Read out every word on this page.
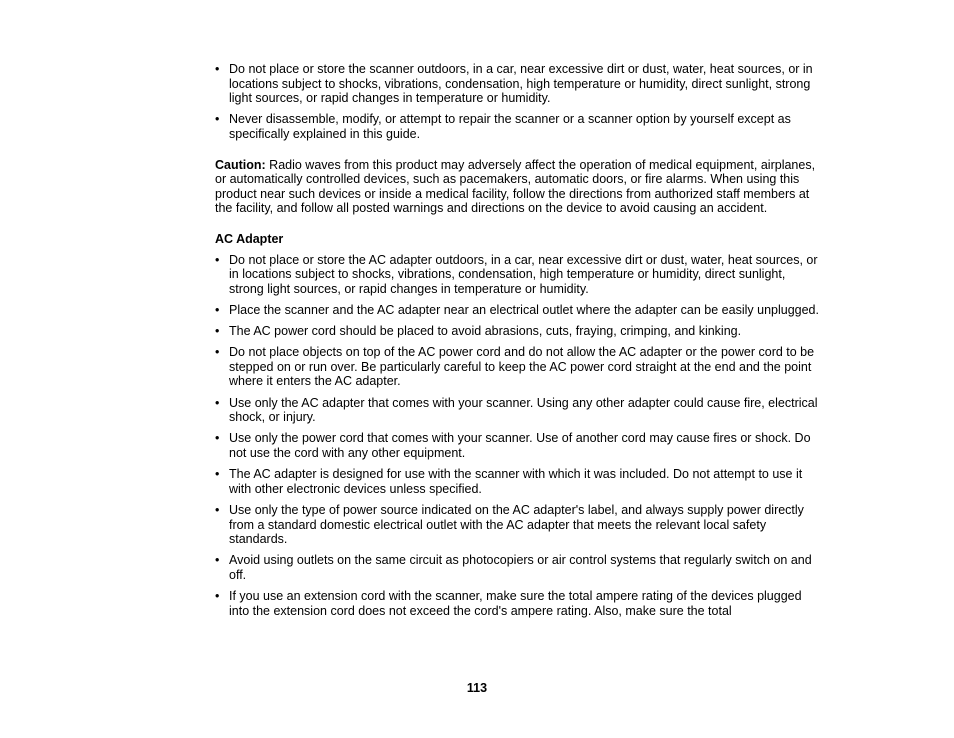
• Do not place or store the scanner outdoors, in a car, near excessive dirt or dust, water, heat sources, or in locations subject to shocks, vibrations, condensation, high temperature or humidity, direct sunlight, strong light sources, or rapid changes in temperature or humidity.
• Never disassemble, modify, or attempt to repair the scanner or a scanner option by yourself except as specifically explained in this guide.

Caution: Radio waves from this product may adversely affect the operation of medical equipment, airplanes, or automatically controlled devices, such as pacemakers, automatic doors, or fire alarms. When using this product near such devices or inside a medical facility, follow the directions from authorized staff members at the facility, and follow all posted warnings and directions on the device to avoid causing an accident.

AC Adapter
• Do not place or store the AC adapter outdoors, in a car, near excessive dirt or dust, water, heat sources, or in locations subject to shocks, vibrations, condensation, high temperature or humidity, direct sunlight, strong light sources, or rapid changes in temperature or humidity.
• Place the scanner and the AC adapter near an electrical outlet where the adapter can be easily unplugged.
• The AC power cord should be placed to avoid abrasions, cuts, fraying, crimping, and kinking.
• Do not place objects on top of the AC power cord and do not allow the AC adapter or the power cord to be stepped on or run over. Be particularly careful to keep the AC power cord straight at the end and the point where it enters the AC adapter.
• Use only the AC adapter that comes with your scanner. Using any other adapter could cause fire, electrical shock, or injury.
• Use only the power cord that comes with your scanner. Use of another cord may cause fires or shock. Do not use the cord with any other equipment.
• The AC adapter is designed for use with the scanner with which it was included. Do not attempt to use it with other electronic devices unless specified.
• Use only the type of power source indicated on the AC adapter's label, and always supply power directly from a standard domestic electrical outlet with the AC adapter that meets the relevant local safety standards.
• Avoid using outlets on the same circuit as photocopiers or air control systems that regularly switch on and off.
• If you use an extension cord with the scanner, make sure the total ampere rating of the devices plugged into the extension cord does not exceed the cord's ampere rating. Also, make sure the total
113
